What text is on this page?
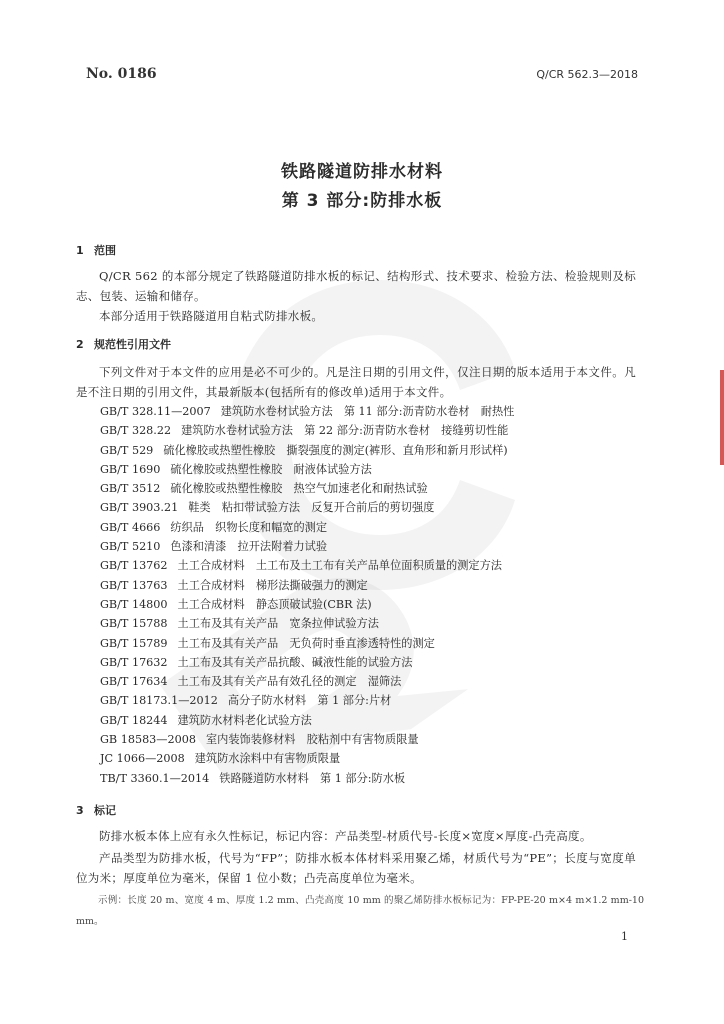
No. 0186	Q/CR 562.3—2018
铁路隧道防排水材料
第 3 部分:防排水板
1 范围
Q/CR 562 的本部分规定了铁路隧道防排水板的标记、结构形式、技术要求、检验方法、检验规则及标志、包装、运输和储存。
本部分适用于铁路隧道用自粘式防排水板。
2 规范性引用文件
下列文件对于本文件的应用是必不可少的。凡是注日期的引用文件，仅注日期的版本适用于本文件。凡是不注日期的引用文件，其最新版本(包括所有的修改单)适用于本文件。
GB/T 328.11—2007 建筑防水卷材试验方法　第 11 部分:沥青防水卷材　耐热性
GB/T 328.22 建筑防水卷材试验方法　第 22 部分:沥青防水卷材　接缝剪切性能
GB/T 529 硫化橡胶或热塑性橡胶　撕裂强度的测定(裤形、直角形和新月形试样)
GB/T 1690 硫化橡胶或热塑性橡胶　耐液体试验方法
GB/T 3512 硫化橡胶或热塑性橡胶　热空气加速老化和耐热试验
GB/T 3903.21 鞋类　粘扣带试验方法　反复开合前后的剪切强度
GB/T 4666 纺织品　织物长度和幅宽的测定
GB/T 5210 色漆和清漆　拉开法附着力试验
GB/T 13762 土工合成材料　土工布及土工布有关产品单位面积质量的测定方法
GB/T 13763 土工合成材料　梯形法撕破强力的测定
GB/T 14800 土工合成材料　静态顶破试验(CBR 法)
GB/T 15788 土工布及其有关产品　宽条拉伸试验方法
GB/T 15789 土工布及其有关产品　无负荷时垂直渗透特性的测定
GB/T 17632 土工布及其有关产品抗酸、碱液性能的试验方法
GB/T 17634 土工布及其有关产品有效孔径的测定　湿筛法
GB/T 18173.1—2012 高分子防水材料　第 1 部分:片材
GB/T 18244 建筑防水材料老化试验方法
GB 18583—2008 室内装饰装修材料　胶粘剂中有害物质限量
JC 1066—2008 建筑防水涂料中有害物质限量
TB/T 3360.1—2014 铁路隧道防水材料　第 1 部分:防水板
3 标记
防排水板本体上应有永久性标记，标记内容：产品类型-材质代号-长度×宽度×厚度-凸壳高度。
产品类型为防排水板，代号为“FP”；防排水板本体材料采用聚乙烯，材质代号为“PE”；长度与宽度单位为米；厚度单位为毫米，保留 1 位小数；凸壳高度单位为毫米。
示例：长度 20 m、宽度 4 m、厚度 1.2 mm、凸壳高度 10 mm 的聚乙烯防排水板标记为：FP-PE-20 m×4 m×1.2 mm-10 mm。
1
